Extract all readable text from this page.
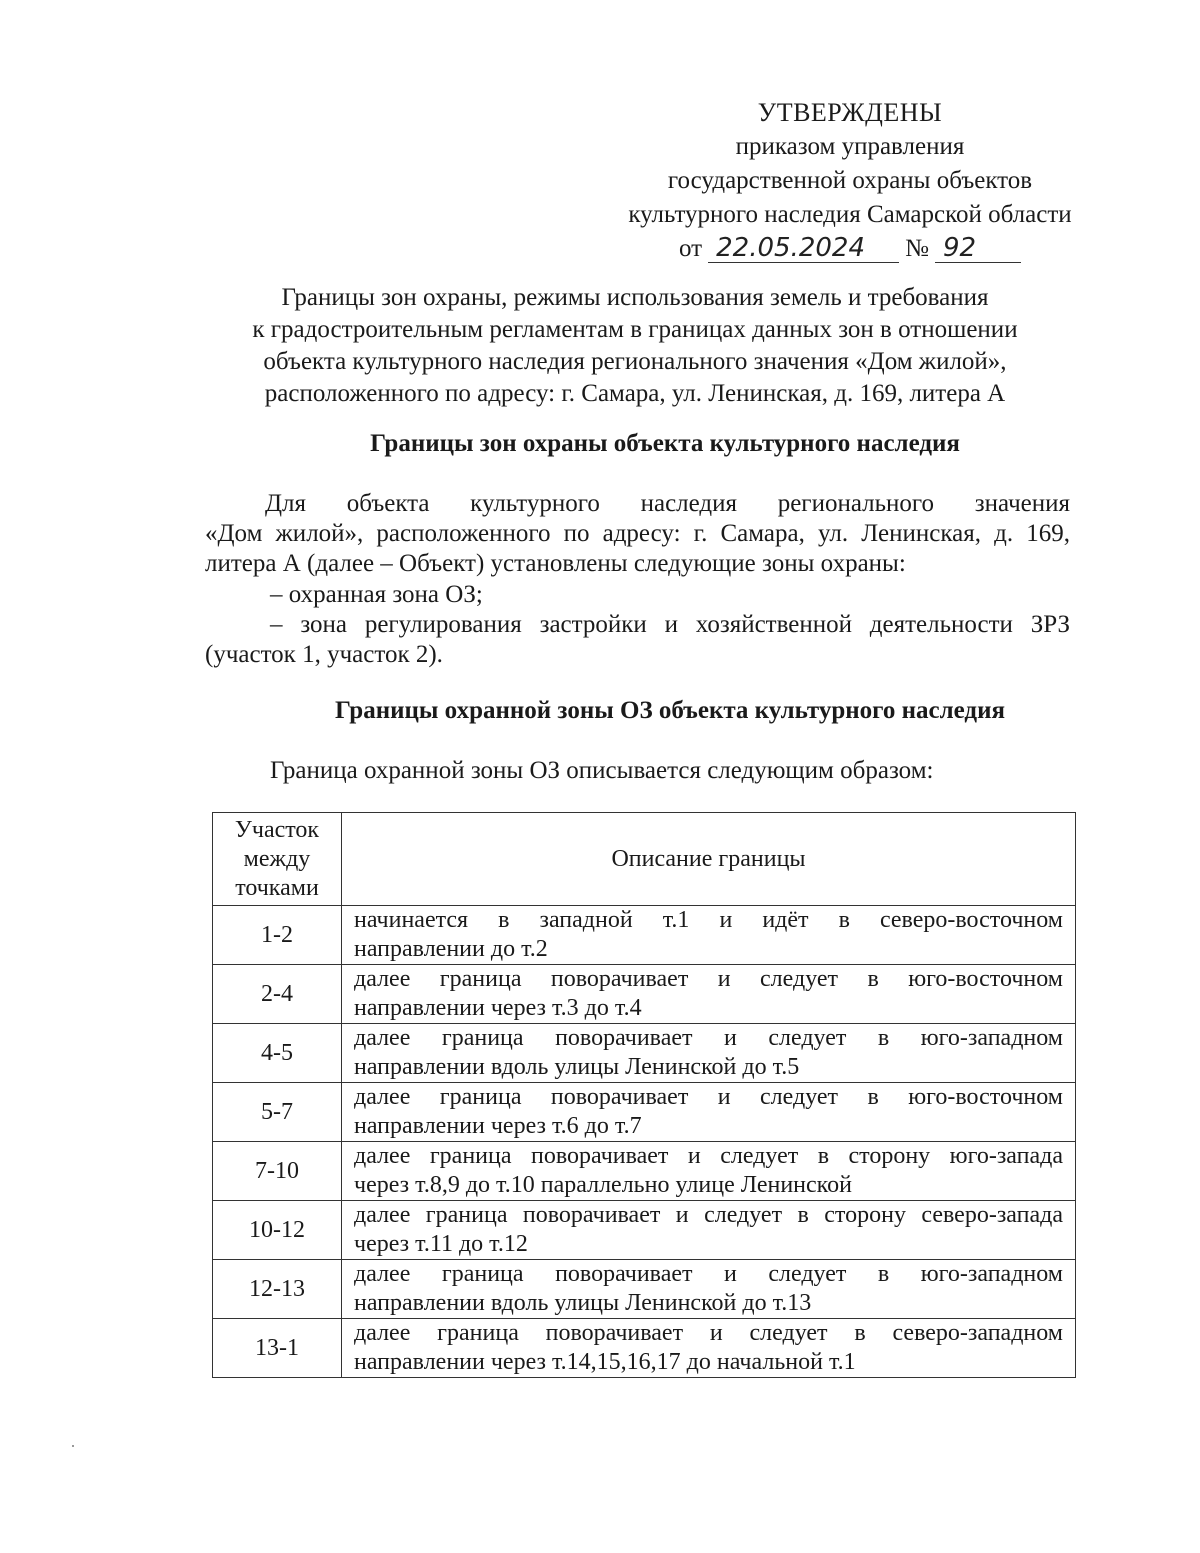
УТВЕРЖДЕНЫ
приказом управления
государственной охраны объектов
культурного наследия Самарской области
от 22.05.2024	№ 92
Границы зон охраны, режимы использования земель и требования
к градостроительным регламентам в границах данных зон в отношении
объекта культурного наследия регионального значения «Дом жилой»,
расположенного по адресу: г. Самара, ул. Ленинская, д. 169, литера А
Границы зон охраны объекта культурного наследия
Для объекта культурного наследия регионального значения
«Дом жилой», расположенного по адресу: г. Самара, ул. Ленинская, д. 169,
литера А (далее – Объект) установлены следующие зоны охраны:
– охранная зона ОЗ;
– зона регулирования застройки и хозяйственной деятельности ЗРЗ
(участок 1, участок 2).
Границы охранной зоны ОЗ объекта культурного наследия
Граница охранной зоны ОЗ описывается следующим образом:
Участок
между
точками	Описание границы
1-2	начинается в западной т.1 и идёт в северо-восточном
направлении до т.2

2-4	далее граница поворачивает и следует в юго-восточном
направлении через т.3 до т.4

4-5	далее граница поворачивает и следует в юго-западном
направлении вдоль улицы Ленинской до т.5

5-7	далее граница поворачивает и следует в юго-восточном
направлении через т.6 до т.7

7-10	далее граница поворачивает и следует в сторону юго-запада
через т.8,9 до т.10 параллельно улице Ленинской

10-12	далее граница поворачивает и следует в сторону северо-запада
через т.11 до т.12

12-13	далее граница поворачивает и следует в юго-западном
направлении вдоль улицы Ленинской до т.13

13-1	далее граница поворачивает и следует в северо-западном
направлении через т.14,15,16,17 до начальной т.1
